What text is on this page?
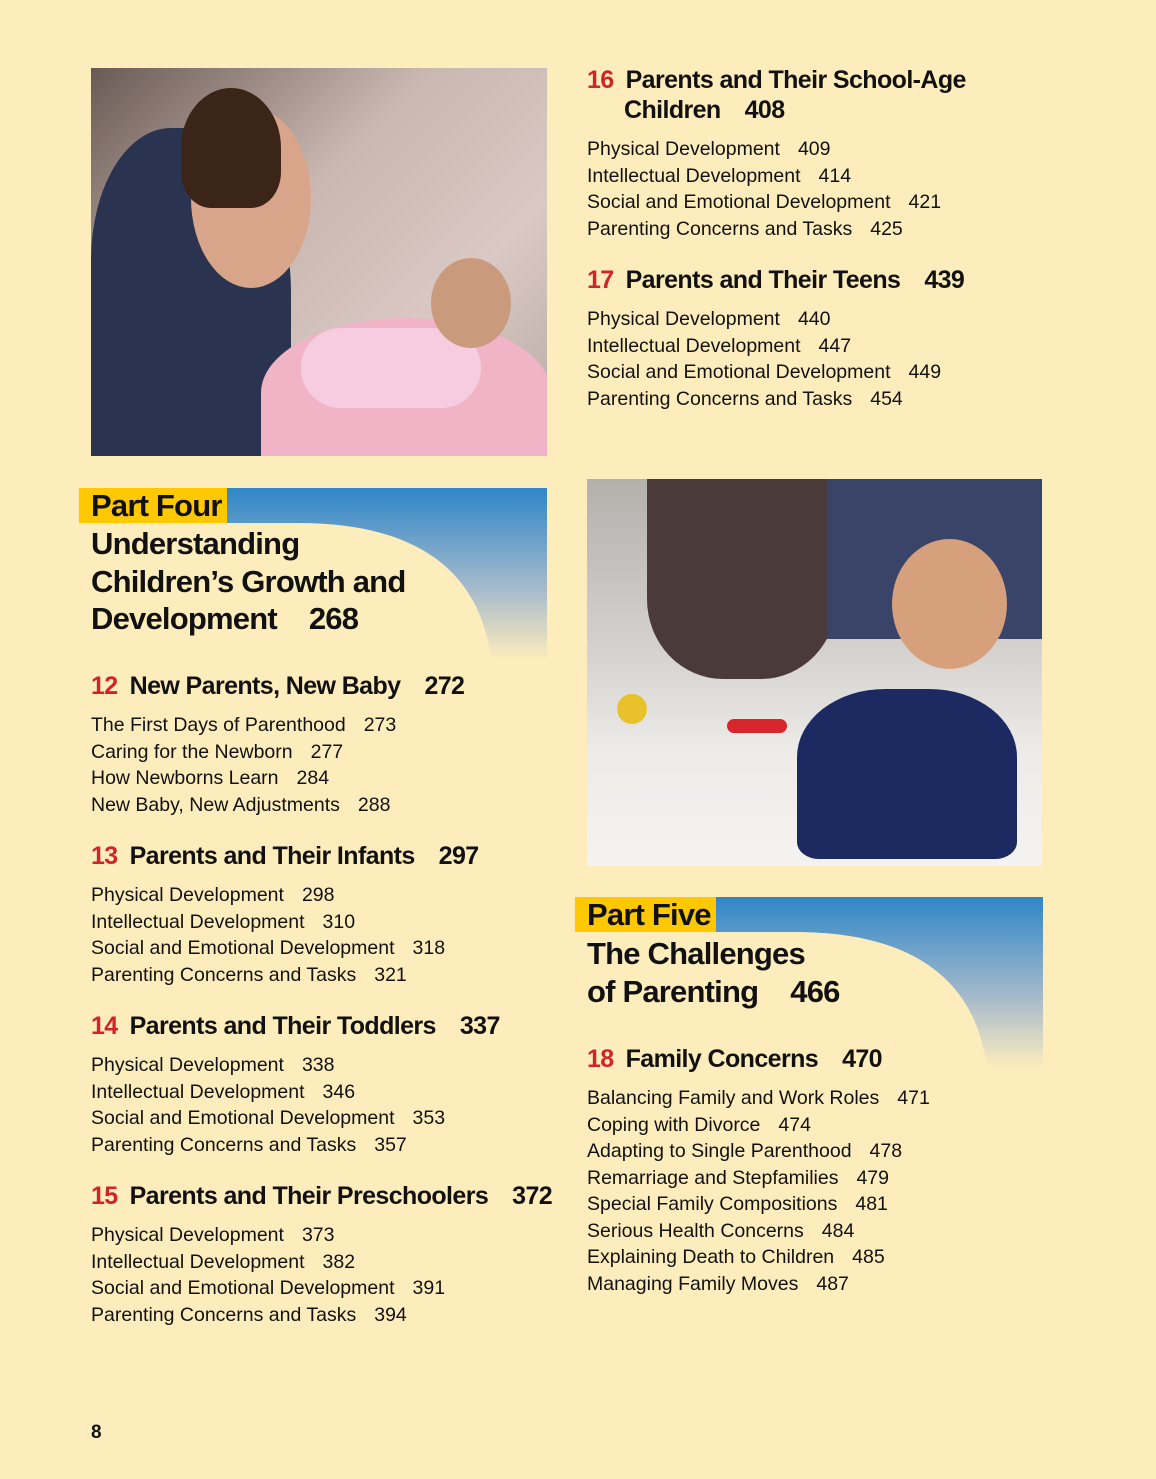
16 Parents and Their School-Age
Children 408
Part Four
Understanding
Children’s Growth and
Development 268
Part Five
The Challenges
of Parenting 466
12 New Parents, New Baby 272
13 Parents and Their Infants 297
14 Parents and Their Toddlers 337
15 Parents and Their Preschoolers 372
17 Parents and Their Teens 439
18 Family Concerns 470
The First Days of Parenthood 273
Caring for the Newborn 277
How Newborns Learn 284
New Baby, New Adjustments 288
Physical Development 298
Intellectual Development 310
Social and Emotional Development 318
Parenting Concerns and Tasks 321
Physical Development 338
Intellectual Development 346
Social and Emotional Development 353
Parenting Concerns and Tasks 357
Physical Development 373
Intellectual Development 382
Social and Emotional Development 391
Parenting Concerns and Tasks 394
Physical Development 409
Intellectual Development 414
Social and Emotional Development 421
Parenting Concerns and Tasks 425
Physical Development 440
Intellectual Development 447
Social and Emotional Development 449
Parenting Concerns and Tasks 454
Balancing Family and Work Roles 471
Coping with Divorce 474
Adapting to Single Parenthood 478
Remarriage and Stepfamilies 479
Special Family Compositions 481
Serious Health Concerns 484
Explaining Death to Children 485
Managing Family Moves 487
8
